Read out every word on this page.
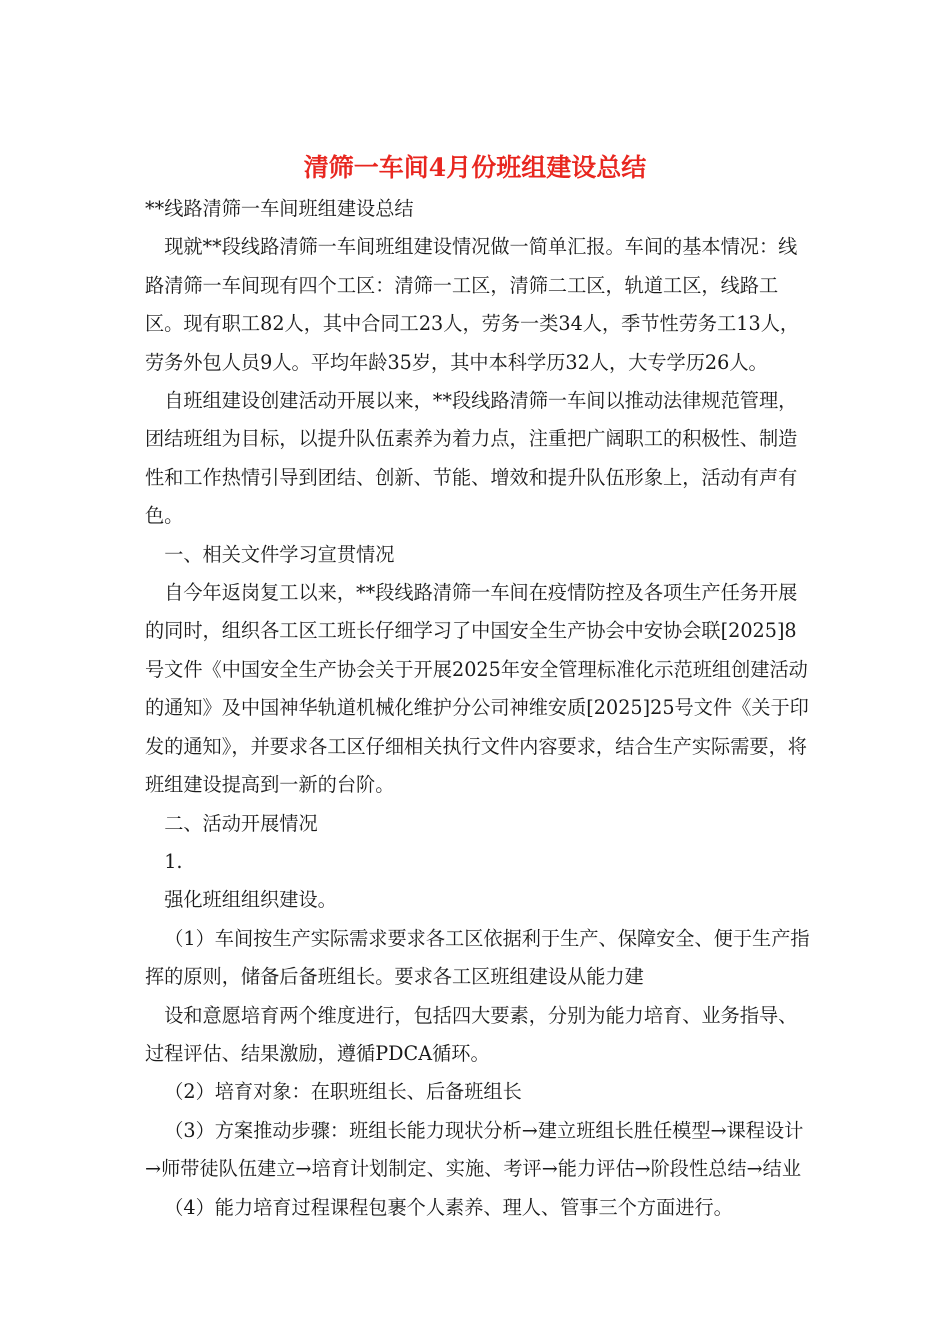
清筛一车间4月份班组建设总结

**线路清筛一车间班组建设总结

现就**段线路清筛一车间班组建设情况做一简单汇报。车间的基本情况：线路清筛一车间现有四个工区：清筛一工区，清筛二工区，轨道工区，线路工区。现有职工82人，其中合同工23人，劳务一类34人，季节性劳务工13人，劳务外包人员9人。平均年龄35岁，其中本科学历32人，大专学历26人。

自班组建设创建活动开展以来，**段线路清筛一车间以推动法律规范管理，团结班组为目标，以提升队伍素养为着力点，注重把广阔职工的积极性、制造性和工作热情引导到团结、创新、节能、增效和提升队伍形象上，活动有声有色。

一、相关文件学习宣贯情况

自今年返岗复工以来，**段线路清筛一车间在疫情防控及各项生产任务开展的同时，组织各工区工班长仔细学习了中国安全生产协会中安协会联[2025]8号文件《中国安全生产协会关于开展2025年安全管理标准化示范班组创建活动的通知》及中国神华轨道机械化维护分公司神维安质[2025]25号文件《关于印发的通知》，并要求各工区仔细相关执行文件内容要求，结合生产实际需要，将班组建设提高到一新的台阶。

二、活动开展情况

1.

强化班组组织建设。

（1）车间按生产实际需求要求各工区依据利于生产、保障安全、便于生产指挥的原则，储备后备班组长。要求各工区班组建设从能力建

设和意愿培育两个维度进行，包括四大要素，分别为能力培育、业务指导、过程评估、结果激励，遵循PDCA循环。

（2）培育对象：在职班组长、后备班组长

（3）方案推动步骤：班组长能力现状分析→建立班组长胜任模型→课程设计→师带徒队伍建立→培育计划制定、实施、考评→能力评估→阶段性总结→结业

（4）能力培育过程课程包裹个人素养、理人、管事三个方面进行。
